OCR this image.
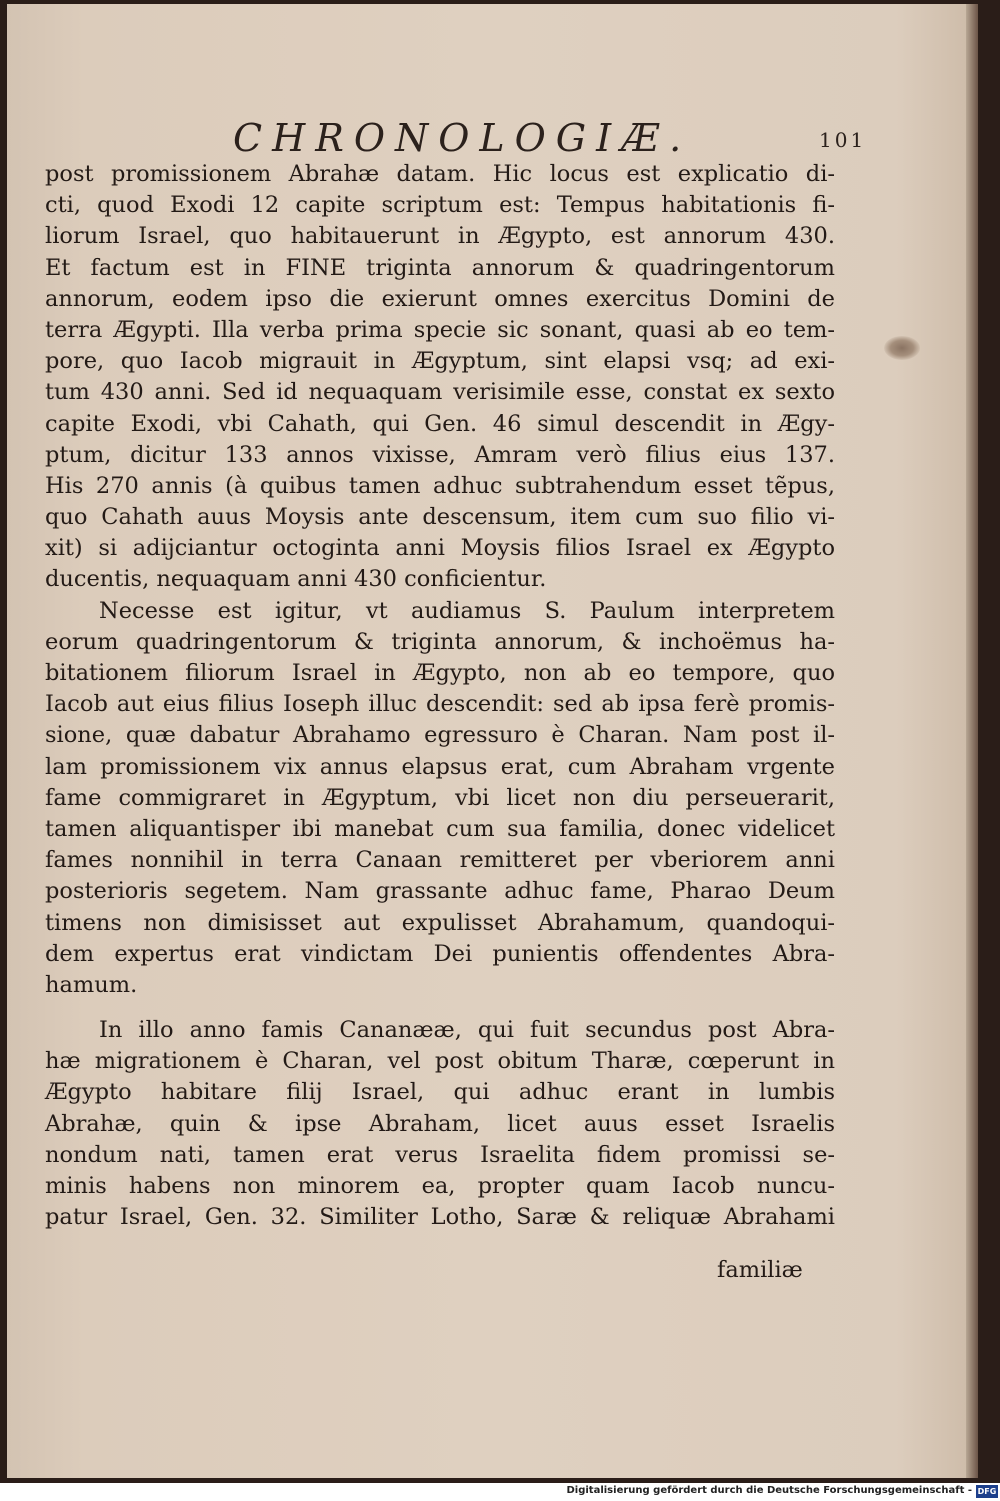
CHRONOLOGIÆ.	101
post promissionem Abrahæ datam. Hic locus est explicatio di-
cti, quod Exodi 12 capite scriptum est: Tempus habitationis fi-
liorum Israel, quo habitauerunt in Ægypto, est annorum 430.
Et factum est in FINE triginta annorum & quadringentorum
annorum, eodem ipso die exierunt omnes exercitus Domini de
terra Ægypti. Illa verba prima specie sic sonant, quasi ab eo tem-
pore, quo Iacob migrauit in Ægyptum, sint elapsi vsq; ad exi-
tum 430 anni. Sed id nequaquam verisimile esse, constat ex sexto
capite Exodi, vbi Cahath, qui Gen. 46 simul descendit in Ægy-
ptum, dicitur 133 annos vixisse, Amram verò filius eius 137.
His 270 annis (à quibus tamen adhuc subtrahendum esset tẽpus,
quo Cahath auus Moysis ante descensum, item cum suo filio vi-
xit) si adijciantur octoginta anni Moysis filios Israel ex Ægypto
ducentis, nequaquam anni 430 conficientur.
Necesse est igitur, vt audiamus S. Paulum interpretem
eorum quadringentorum & triginta annorum, & inchoëmus ha-
bitationem filiorum Israel in Ægypto, non ab eo tempore, quo
Iacob aut eius filius Ioseph illuc descendit: sed ab ipsa ferè promis-
sione, quæ dabatur Abrahamo egressuro è Charan. Nam post il-
lam promissionem vix annus elapsus erat, cum Abraham vrgente
fame commigraret in Ægyptum, vbi licet non diu perseuerarit,
tamen aliquantisper ibi manebat cum sua familia, donec videlicet
fames nonnihil in terra Canaan remitteret per vberiorem anni
posterioris segetem. Nam grassante adhuc fame, Pharao Deum
timens non dimisisset aut expulisset Abrahamum, quandoqui-
dem expertus erat vindictam Dei punientis offendentes Abra-
hamum.
In illo anno famis Cananææ, qui fuit secundus post Abra-
hæ migrationem è Charan, vel post obitum Tharæ, cœperunt in
Ægypto habitare filij Israel, qui adhuc erant in lumbis
Abrahæ, quin & ipse Abraham, licet auus esset Israelis
nondum nati, tamen erat verus Israelita fidem promissi se-
minis habens non minorem ea, propter quam Iacob nuncu-
patur Israel, Gen. 32. Similiter Lotho, Saræ & reliquæ Abrahami
familiæ
Digitalisierung gefördert durch die Deutsche Forschungsgemeinschaft - DFG
